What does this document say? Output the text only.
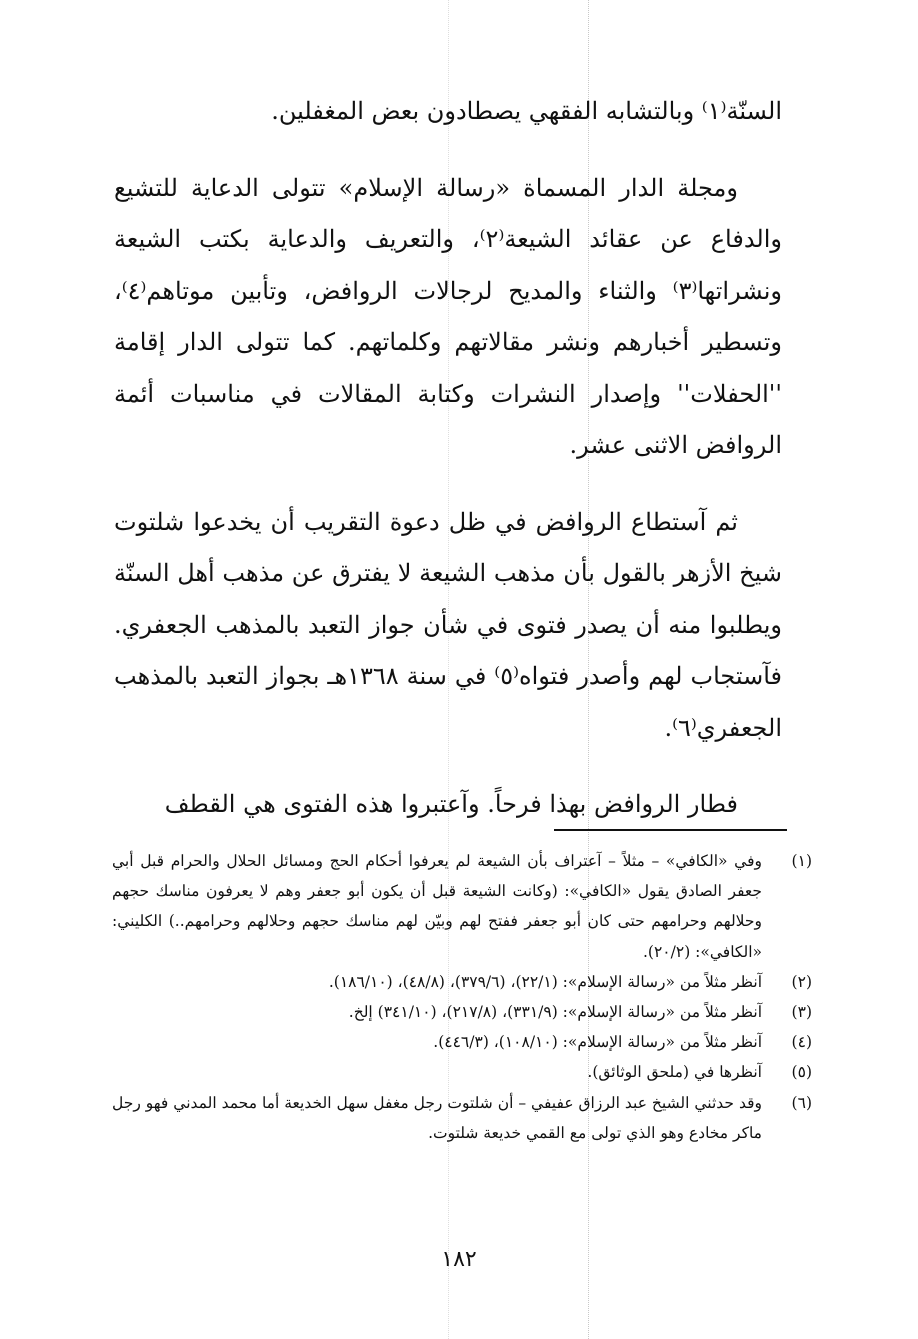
السنّة⁽١⁾ وبالتشابه الفقهي يصطادون بعض المغفلين.

ومجلة الدار المسماة «رسالة الإسلام» تتولى الدعاية للتشيع والدفاع عن عقائد الشيعة⁽٢⁾، والتعريف والدعاية بكتب الشيعة ونشراتها⁽٣⁾ والثناء والمديح لرجالات الروافض، وتأبين موتاهم⁽٤⁾، وتسطير أخبارهم ونشر مقالاتهم وكلماتهم. كما تتولى الدار إقامة ''الحفلات'' وإصدار النشرات وكتابة المقالات في مناسبات أئمة الروافض الاثنى عشر.

ثم آستطاع الروافض في ظل دعوة التقريب أن يخدعوا شلتوت شيخ الأزهر بالقول بأن مذهب الشيعة لا يفترق عن مذهب أهل السنّة ويطلبوا منه أن يصدر فتوى في شأن جواز التعبد بالمذهب الجعفري. فآستجاب لهم وأصدر فتواه⁽٥⁾ في سنة ١٣٦٨هـ بجواز التعبد بالمذهب الجعفري⁽٦⁾.

فطار الروافض بهذا فرحاً. وآعتبروا هذه الفتوى هي القطف

(١)
وفي «الكافي» – مثلاً – آعتراف بأن الشيعة لم يعرفوا أحكام الحج ومسائل الحلال والحرام قبل أبي جعفر الصادق يقول «الكافي»: (وكانت الشيعة قبل أن يكون أبو جعفر وهم لا يعرفون مناسك حجهم وحلالهم وحرامهم حتى كان أبو جعفر ففتح لهم وبيّن لهم مناسك حجهم وحلالهم وحرامهم..) الكليني: «الكافي»: (٢٠/٢).

(٢)
آنظر مثلاً من «رسالة الإسلام»: (٢٢/١)، (٣٧٩/٦)، (٤٨/٨)، (١٨٦/١٠).

(٣)
آنظر مثلاً من «رسالة الإسلام»: (٣٣١/٩)، (٢١٧/٨)، (٣٤١/١٠) إلخ.

(٤)
آنظر مثلاً من «رسالة الإسلام»: (١٠٨/١٠)، (٤٤٦/٣).

(٥)
آنظرها في (ملحق الوثائق).

(٦)
وقد حدثني الشيخ عبد الرزاق عفيفي – أن شلتوت رجل مغفل سهل الخديعة أما محمد المدني فهو رجل ماكر مخادع وهو الذي تولى مع القمي خديعة شلتوت.

١٨٢
